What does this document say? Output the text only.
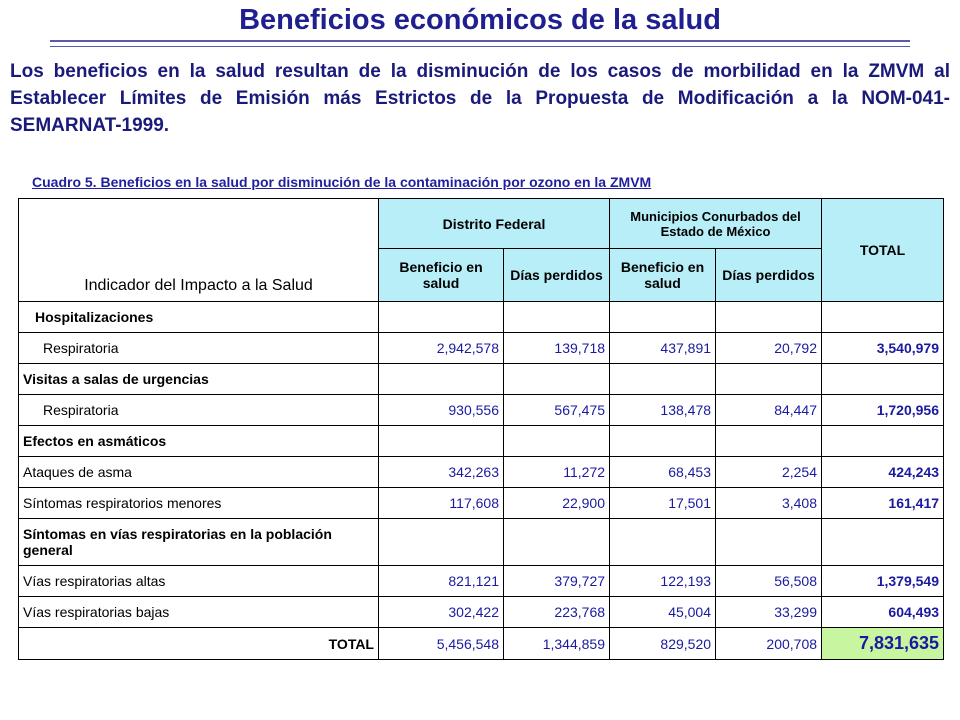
Beneficios económicos de la salud
Los beneficios en la salud resultan de la disminución de los casos de morbilidad en la ZMVM al Establecer Límites de Emisión más Estrictos de la Propuesta de Modificación a la NOM-041-SEMARNAT-1999.
Cuadro 5. Beneficios en la salud por disminución de la contaminación por ozono en la ZMVM
Indicador del Impacto a la Salud	Distrito Federal		Municipios Conurbados del Estado de México		TOTAL
	Beneficio en salud	Días perdidos	Beneficio en salud	Días perdidos	
Hospitalizaciones					
Respiratoria	2,942,578	139,718	437,891	20,792	3,540,979
Visitas a salas de urgencias					
Respiratoria	930,556	567,475	138,478	84,447	1,720,956
Efectos en asmáticos					
Ataques de asma	342,263	11,272	68,453	2,254	424,243
Síntomas respiratorios menores	117,608	22,900	17,501	3,408	161,417
Síntomas en vías respiratorias en la población general					
Vías respiratorias altas	821,121	379,727	122,193	56,508	1,379,549
Vías respiratorias bajas	302,422	223,768	45,004	33,299	604,493
TOTAL	5,456,548	1,344,859	829,520	200,708	7,831,635
